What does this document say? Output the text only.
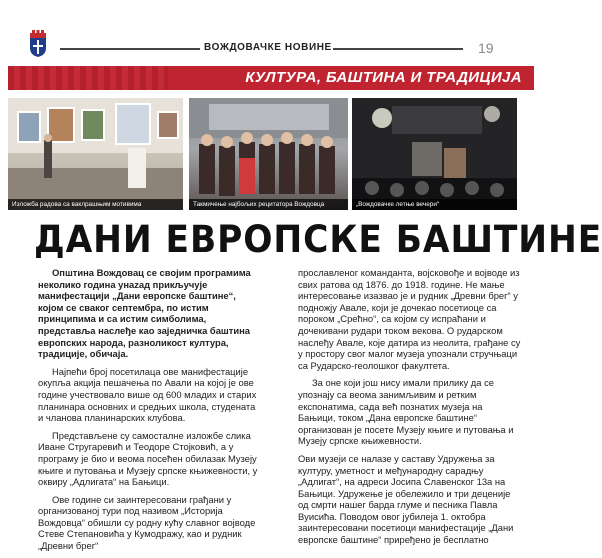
ВОЖДОВАЧКЕ НОВИНЕ	19
КУЛТУРА, БАШТИНА И ТРАДИЦИЈА
Изложба радова са ваклрашњим мотивима	Такмичење најбољих рецитатора Вождовца	„Вождовачке летње вечери“
ДАНИ ЕВРОПСКЕ БАШТИНЕ

Општина Вождовац се својим програмима неколико година унazaд прикључује манифестацији „Дани европске баштине“, којом се сваког септембра, по истим принципима и са истим симболима, представља наслеђе као заједничка баштина европских народа, разноликост култура, традиције, обичаја.

Најпећи број посетилаца ове манифестације окупља акција пешачења по Авали на којој је ове године учествовало више од 600 младих и старих планинара основних и средњих школа, студената и чланова планинарских клубова.

Представљене су самосталне изложбе слика Иване Стругаревић и Теодоре Стојковић, а у програму је био и веома посећен обилазак Музеју књиге и путовања и Музеју српске књижевности, у оквиру „Адлигата“ на Бањици.

Ове године си заинтересовани грађани у организованој тури под називом „Историја Вождовца“ обишли су родну кућу славног војводе Стеве Степановића у Кумодражу, као и рудник „Древни брег“

прославленог команданта, војсковође и војводе из свих ратова од 1876. до 1918. године. Не мање интересовање изазвао је и рудник „Древни брег“ у подножју Авале, који је дочекао посетиоце са пороком „Срећно“, са којом су испраћани и дочекивани рудари током векова. О рударском наслеђу Авале, које датира из неолита, грађане су у простору свог малог музеја упознали стручњаци са Рударско-геолошког факултета.

За оне који још нису имали прилику да се упознају са веома занимљивим и ретким експонатима, сада већ познатих музеја на Бањици, током „Дана европске баштине“ организован је посете Музеју књиге и путовања и Музеју српске књижевности.

Ови музеји се налазе у саставу Удружења за културу, уметност и међународну сарадњу „Адлигат“, на адреси Јосипа Славенског 13а на Бањици. Удружење је обележило и три деценије од смрти нашег барда глуме и песника Павла Вуисића. Поводом овог јубилеја 1. октобра заинтересовани посетиоци манифестације „Дани европске баштине“ приређено је бесплатно
